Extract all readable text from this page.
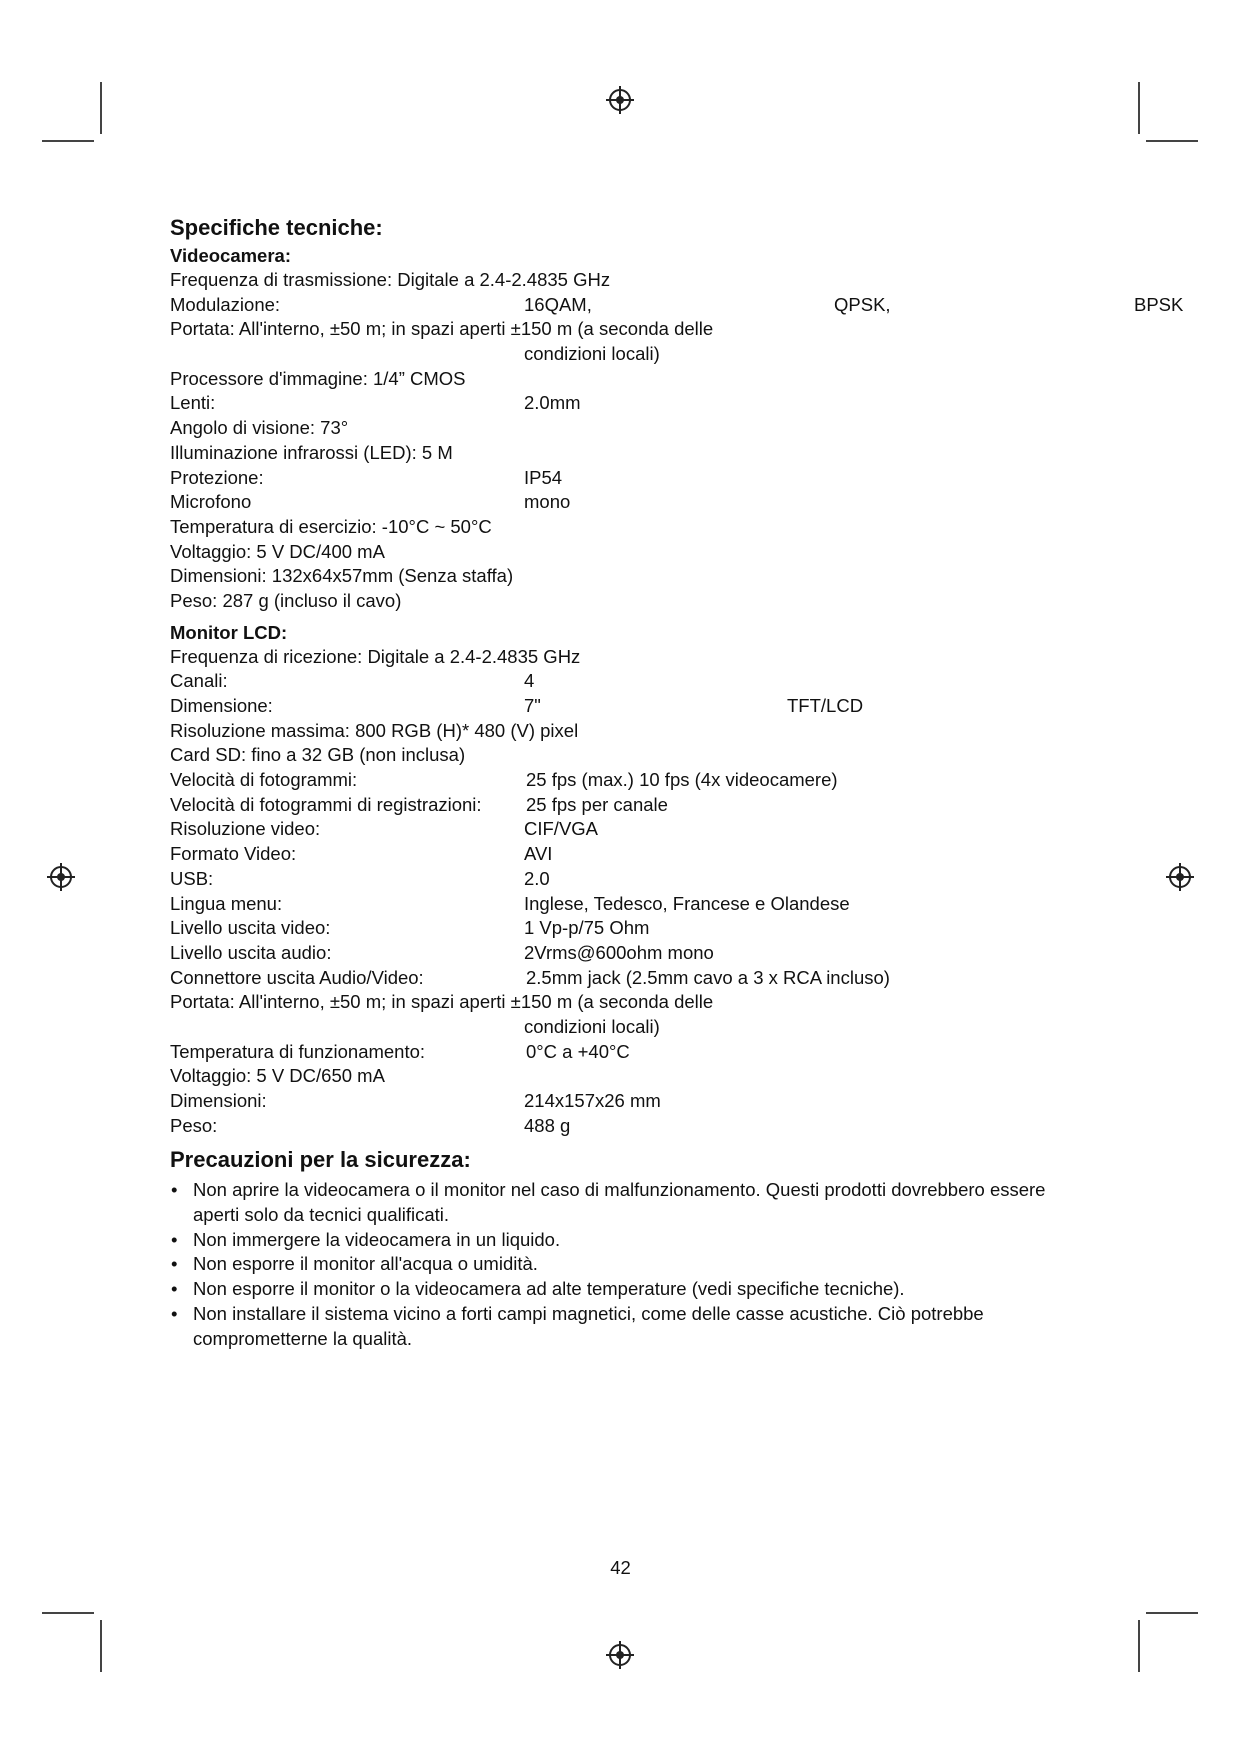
Specifiche tecniche:
Videocamera:
Frequenza di trasmissione: Digitale a 2.4-2.4835 GHz
Modulazione:	16QAM,	QPSK,	BPSK
Portata: All'interno, ±50 m; in spazi aperti ±150 m (a seconda delle
condizioni locali)
Processore d'immagine: 1/4” CMOS
Lenti:	2.0mm
Angolo di visione: 73°
Illuminazione infrarossi (LED): 5 M
Protezione:	IP54
Microfono	mono
Temperatura di esercizio: -10°C ~ 50°C
Voltaggio: 5 V DC/400 mA
Dimensioni: 132x64x57mm (Senza staffa)
Peso: 287 g (incluso il cavo)
Monitor LCD:
Frequenza di ricezione: Digitale a 2.4-2.4835 GHz
Canali:	4
Dimensione:	7"	TFT/LCD
Risoluzione massima: 800 RGB (H)* 480 (V) pixel
Card SD: fino a 32 GB (non inclusa)
Velocità di fotogrammi:	25 fps (max.) 10 fps (4x videocamere)
Velocità di fotogrammi di registrazioni: 25 fps per canale
Risoluzione video:	CIF/VGA
Formato Video:	AVI
USB:	2.0
Lingua menu:	Inglese, Tedesco, Francese e Olandese
Livello uscita video:	1 Vp-p/75 Ohm
Livello uscita audio:	2Vrms@600ohm mono
Connettore uscita Audio/Video:	2.5mm jack (2.5mm cavo a 3 x RCA incluso)
Portata: All'interno, ±50 m; in spazi aperti ±150 m (a seconda delle
condizioni locali)
Temperatura di funzionamento:	0°C a +40°C
Voltaggio: 5 V DC/650 mA
Dimensioni:	214x157x26 mm
Peso:	488 g
Precauzioni per la sicurezza:
• Non aprire la videocamera o il monitor nel caso di malfunzionamento. Questi prodotti dovrebbero essere aperti solo da tecnici qualificati.
• Non immergere la videocamera in un liquido.
• Non esporre il monitor all'acqua o umidità.
• Non esporre il monitor o la videocamera ad alte temperature (vedi specifiche tecniche).
• Non installare il sistema vicino a forti campi magnetici, come delle casse acustiche. Ciò potrebbe comprometterne la qualità.
42
